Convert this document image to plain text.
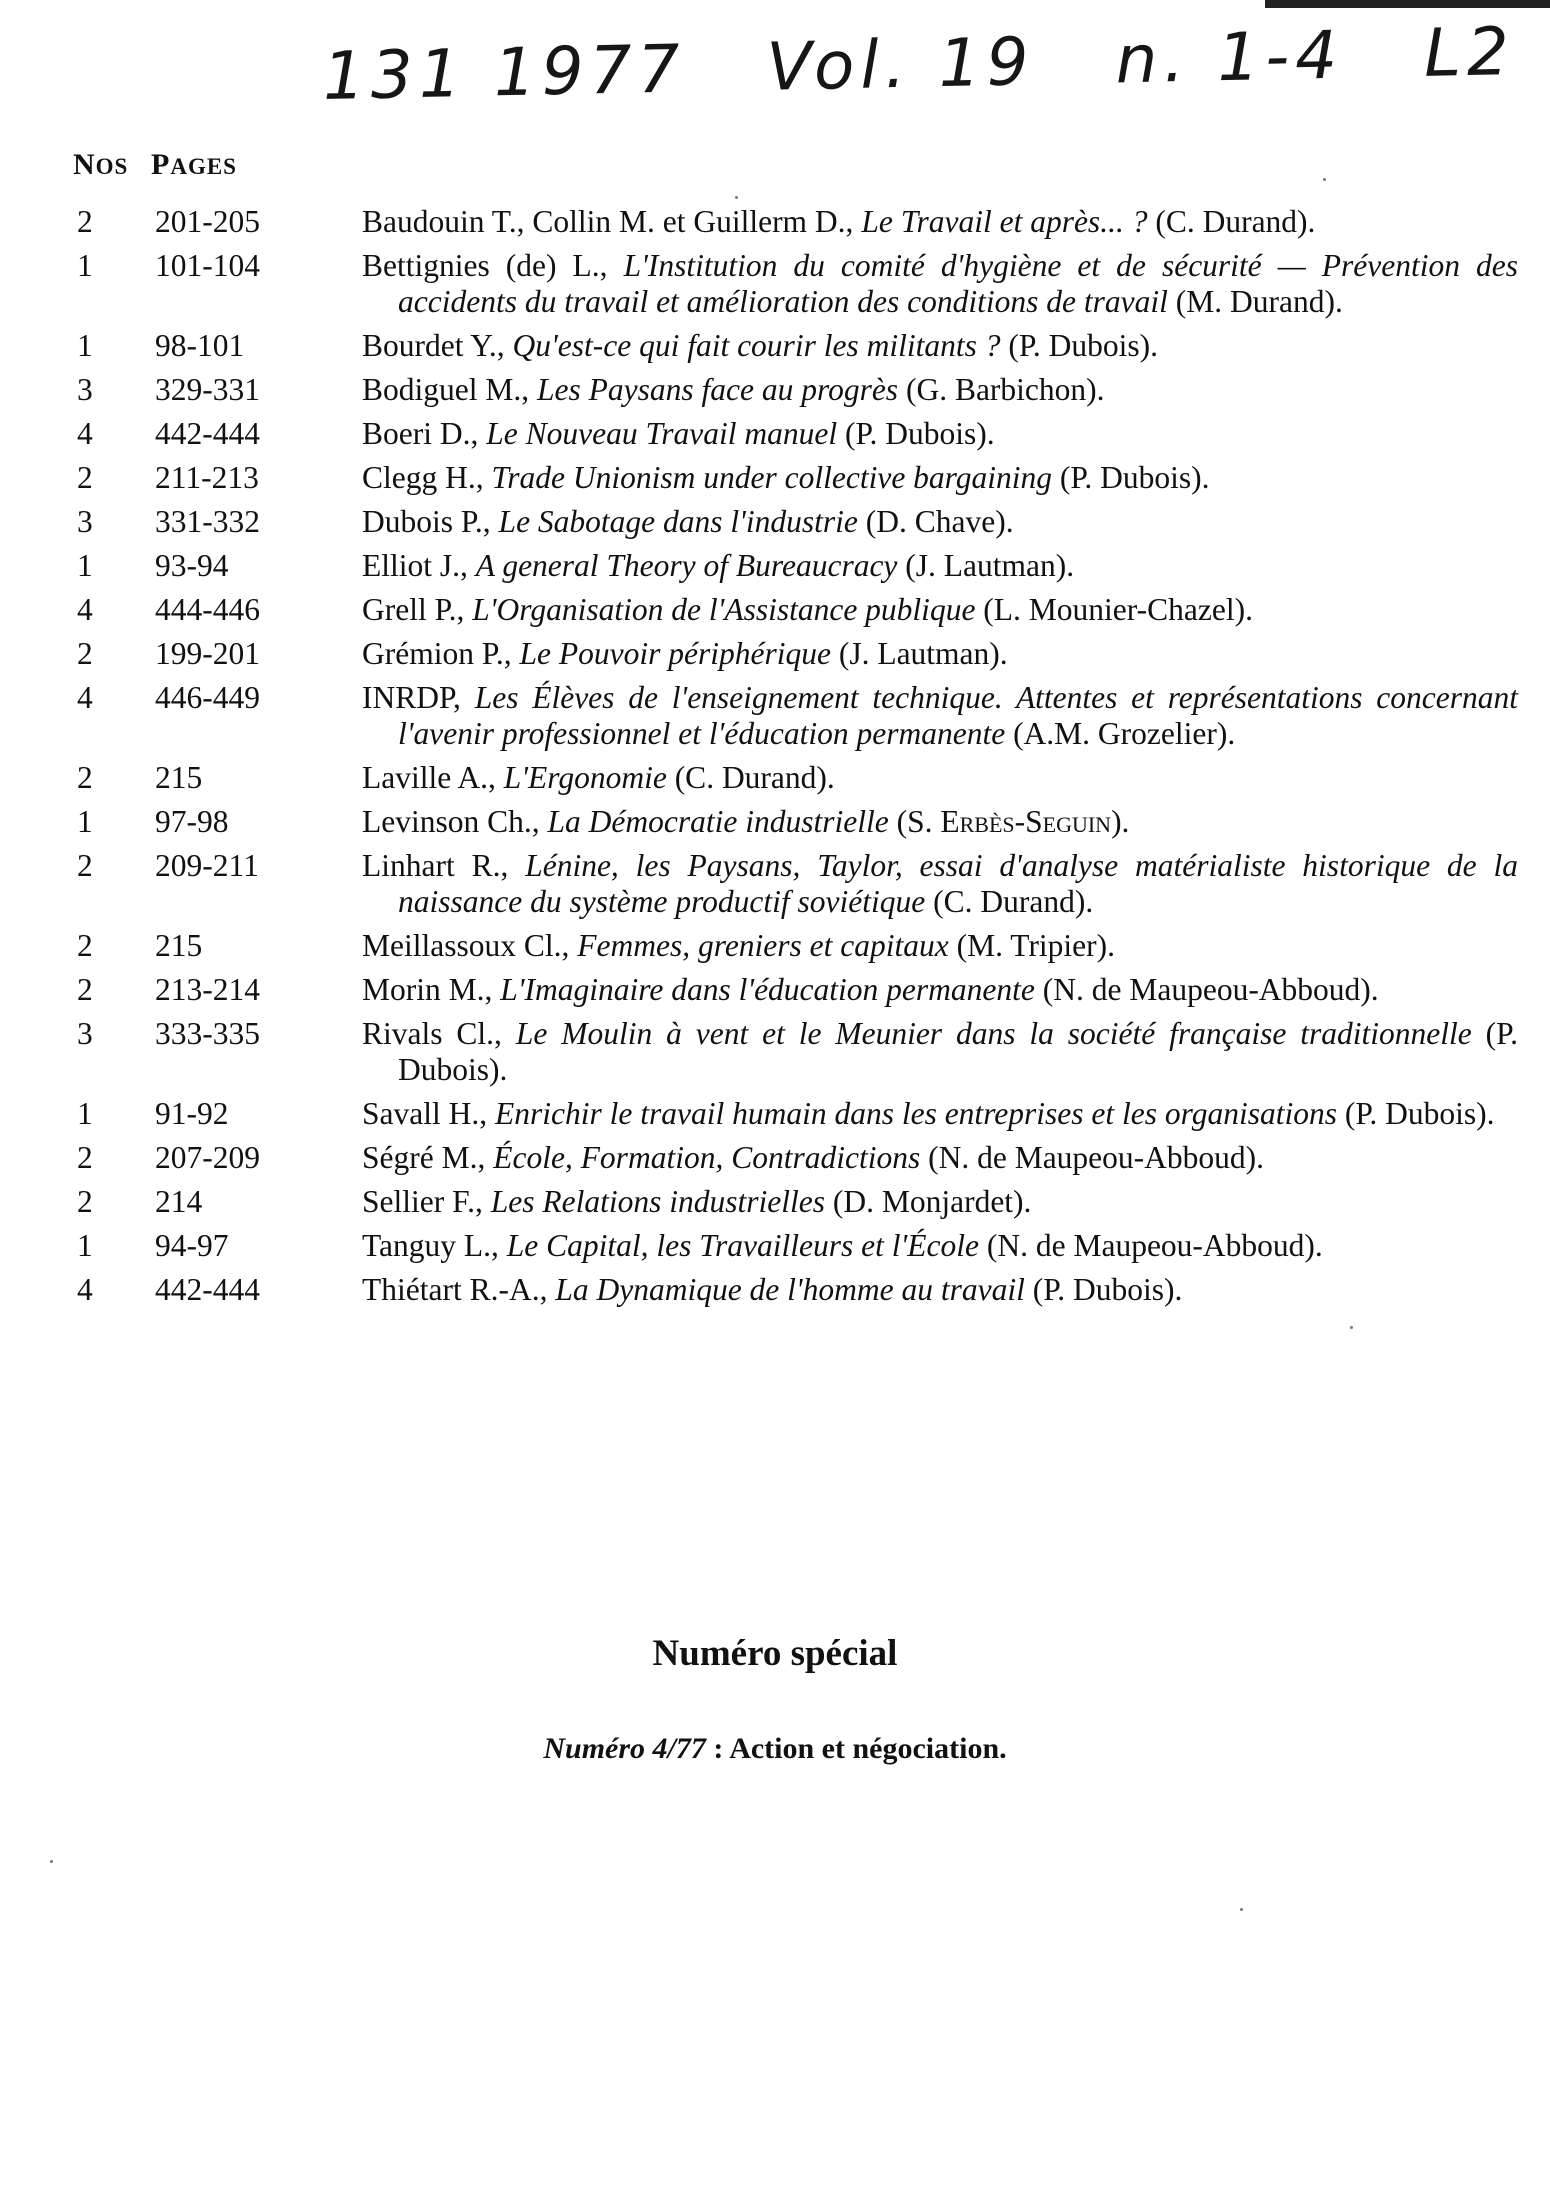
131 1977 Vol. 19 n. 1-4 L2
NOS PAGES
2	201-205	Baudouin T., Collin M. et Guillerm D., Le Travail et après... ? (C. Durand).
1	101-104	Bettignies (de) L., L'Institution du comité d'hygiène et de sécurité — Prévention des accidents du travail et amélioration des conditions de travail (M. Durand).
1	98-101	Bourdet Y., Qu'est-ce qui fait courir les militants ? (P. Dubois).
3	329-331	Bodiguel M., Les Paysans face au progrès (G. Barbichon).
4	442-444	Boeri D., Le Nouveau Travail manuel (P. Dubois).
2	211-213	Clegg H., Trade Unionism under collective bargaining (P. Dubois).
3	331-332	Dubois P., Le Sabotage dans l'industrie (D. Chave).
1	93-94	Elliot J., A general Theory of Bureaucracy (J. Lautman).
4	444-446	Grell P., L'Organisation de l'Assistance publique (L. Mounier-Chazel).
2	199-201	Grémion P., Le Pouvoir périphérique (J. Lautman).
4	446-449	INRDP, Les Élèves de l'enseignement technique. Attentes et représentations concernant l'avenir professionnel et l'éducation permanente (A.M. Grozelier).
2	215	Laville A., L'Ergonomie (C. Durand).
1	97-98	Levinson Ch., La Démocratie industrielle (S. Erbès-Seguin).
2	209-211	Linhart R., Lénine, les Paysans, Taylor, essai d'analyse matérialiste historique de la naissance du système productif soviétique (C. Durand).
2	215	Meillassoux Cl., Femmes, greniers et capitaux (M. Tripier).
2	213-214	Morin M., L'Imaginaire dans l'éducation permanente (N. de Maupeou-Abboud).
3	333-335	Rivals Cl., Le Moulin à vent et le Meunier dans la société française traditionnelle (P. Dubois).
1	91-92	Savall H., Enrichir le travail humain dans les entreprises et les organisations (P. Dubois).
2	207-209	Ségré M., École, Formation, Contradictions (N. de Maupeou-Abboud).
2	214	Sellier F., Les Relations industrielles (D. Monjardet).
1	94-97	Tanguy L., Le Capital, les Travailleurs et l'École (N. de Maupeou-Abboud).
4	442-444	Thiétart R.-A., La Dynamique de l'homme au travail (P. Dubois).
Numéro spécial
Numéro 4/77 : Action et négociation.
